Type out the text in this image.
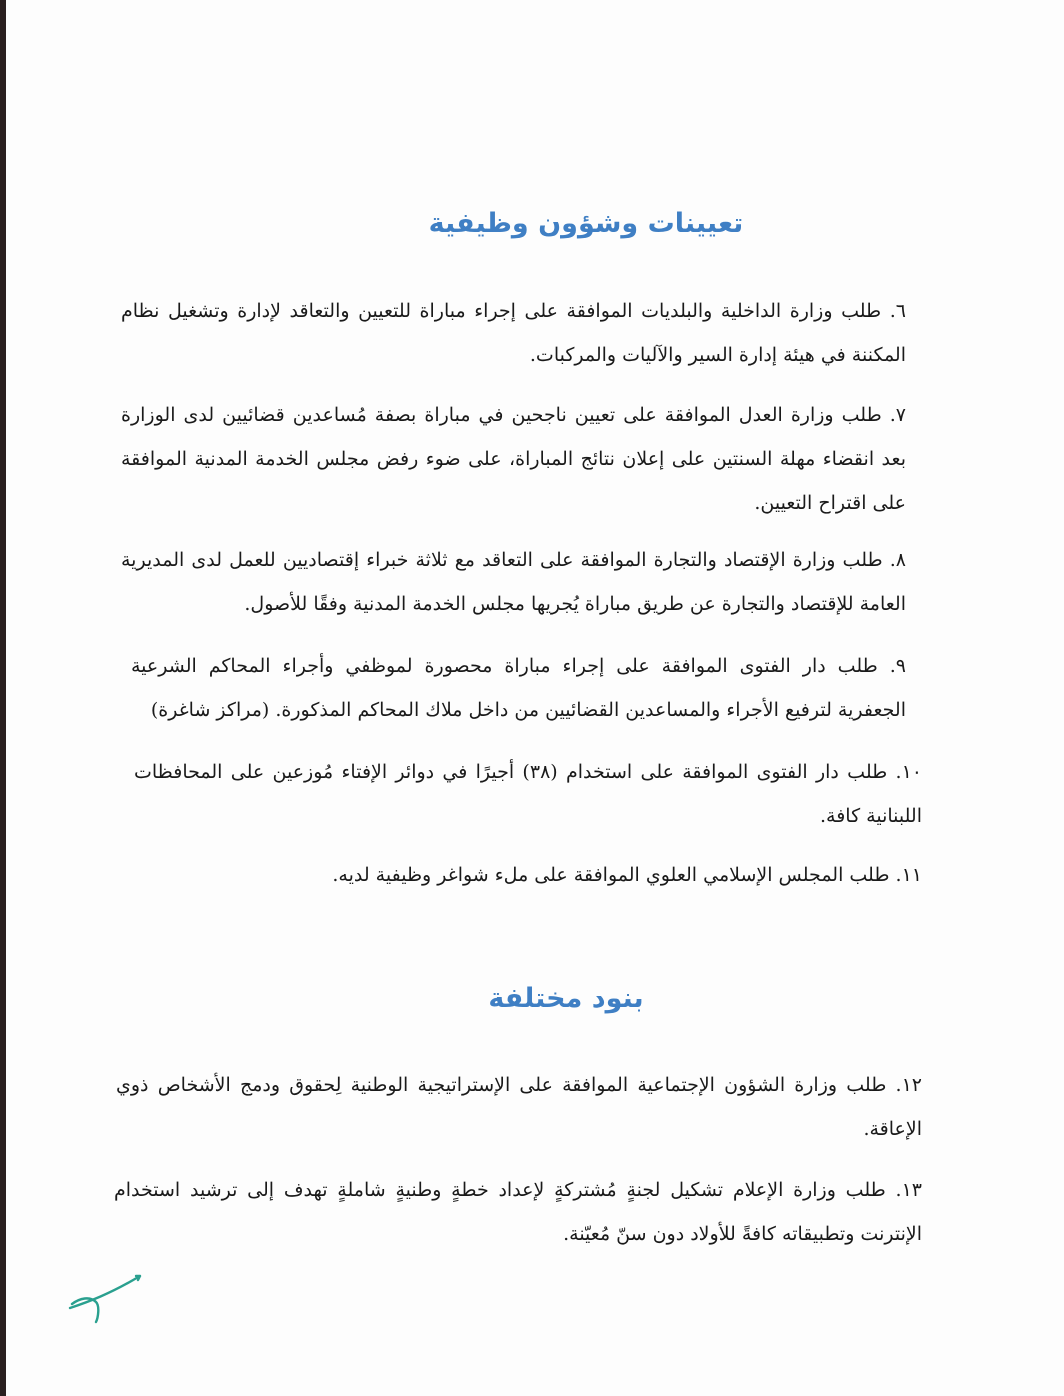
تعيينات وشؤون وظيفية

٦. طلب وزارة الداخلية والبلديات الموافقة على إجراء مباراة للتعيين والتعاقد لإدارة وتشغيل نظام المكننة في هيئة إدارة السير والآليات والمركبات.

٧. طلب وزارة العدل الموافقة على تعيين ناجحين في مباراة بصفة مُساعدين قضائيين لدى الوزارة بعد انقضاء مهلة السنتين على إعلان نتائج المباراة، على ضوء رفض مجلس الخدمة المدنية الموافقة على اقتراح التعيين.

٨. طلب وزارة الإقتصاد والتجارة الموافقة على التعاقد مع ثلاثة خبراء إقتصاديين للعمل لدى المديرية العامة للإقتصاد والتجارة عن طريق مباراة يُجريها مجلس الخدمة المدنية وفقًا للأصول.

٩. طلب دار الفتوى الموافقة على إجراء مباراة محصورة لموظفي وأجراء المحاكم الشرعية الجعفرية لترفيع الأجراء والمساعدين القضائيين من داخل ملاك المحاكم المذكورة. (مراكز شاغرة)

١٠. طلب دار الفتوى الموافقة على استخدام (٣٨) أجيرًا في دوائر الإفتاء مُوزعين على المحافظات اللبنانية كافة.

١١. طلب المجلس الإسلامي العلوي الموافقة على ملء شواغر وظيفية لديه.

بنود مختلفة

١٢. طلب وزارة الشؤون الإجتماعية الموافقة على الإستراتيجية الوطنية لِحقوق ودمج الأشخاص ذوي الإعاقة.

١٣. طلب وزارة الإعلام تشكيل لجنةٍ مُشتركةٍ لإعداد خطةٍ وطنيةٍ شاملةٍ تهدف إلى ترشيد استخدام الإنترنت وتطبيقاته كافةً للأولاد دون سنّ مُعيّنة.
